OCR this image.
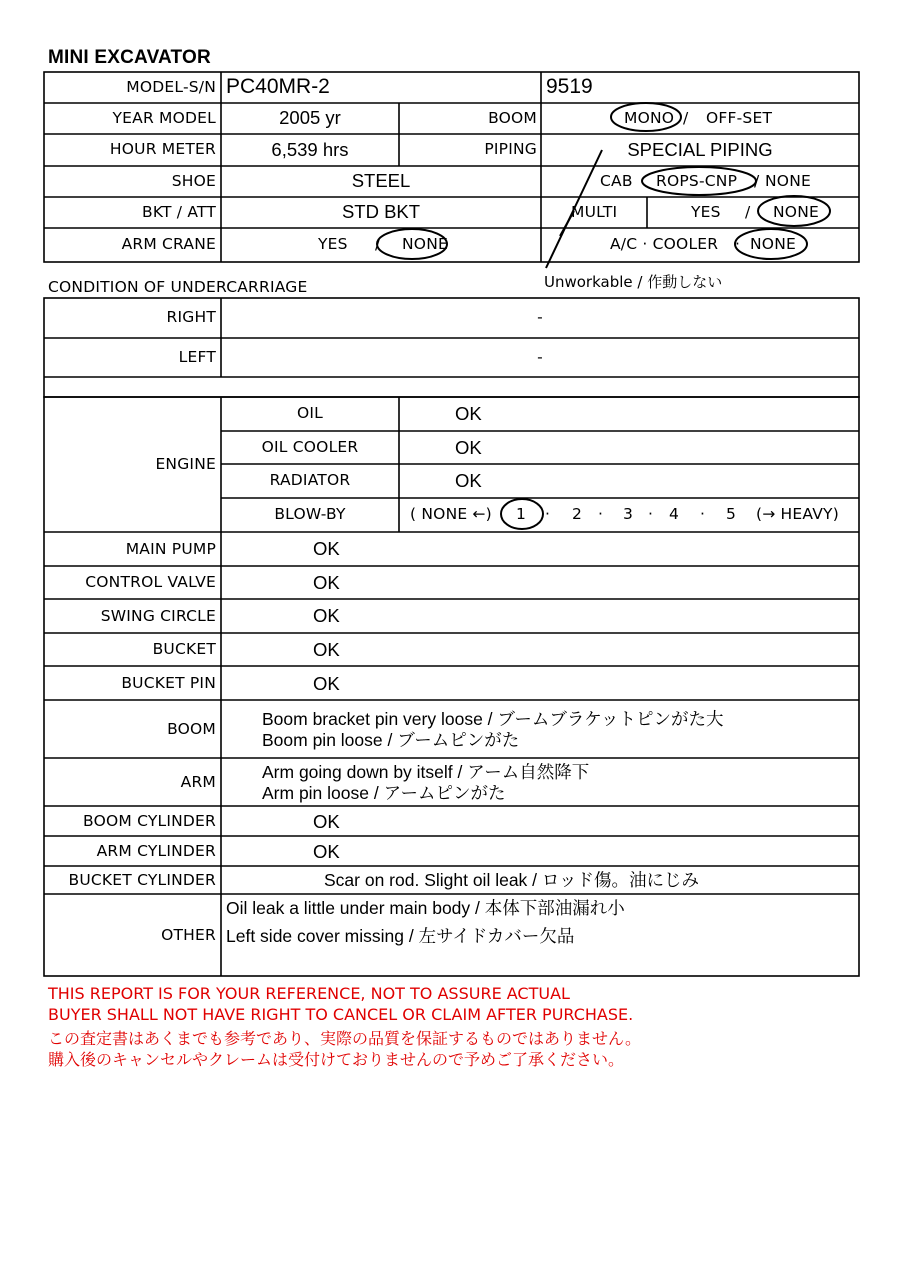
MINI EXCAVATOR
MODEL-S/N PC40MR-2	9519
YEAR MODEL	2005 yr	BOOM	MONO / OFF-SET
HOUR METER	6,539 hrs	PIPING	SPECIAL PIPING
SHOE	STEEL	CAB ROPS-CNP / NONE
BKT / ATT	STD BKT	MULTI	YES / NONE
ARM CRANE	YES / NONE	A/C · COOLER · NONE
Unworkable / 作動しない
CONDITION OF UNDERCARRIAGE
RIGHT	-
LEFT	-
ENGINE
OIL	OK
OIL COOLER	OK
RADIATOR	OK
BLOW-BY	( NONE ←) 1 · 2 · 3 · 4 · 5 (→ HEAVY)
MAIN PUMP	OK
CONTROL VALVE	OK
SWING CIRCLE	OK
BUCKET	OK
BUCKET PIN	OK
BOOM	Boom bracket pin very loose / ブームブラケットピンがた大
Boom pin loose / ブームピンがた
ARM	Arm going down by itself / アーム自然降下
Arm pin loose / アームピンがた
BOOM CYLINDER	OK
ARM CYLINDER	OK
BUCKET CYLINDER	Scar on rod. Slight oil leak / ロッド傷。油にじみ
OTHER
Oil leak a little under main body / 本体下部油漏れ小
Left side cover missing / 左サイドカバー欠品
THIS REPORT IS FOR YOUR REFERENCE, NOT TO ASSURE ACTUAL
BUYER SHALL NOT HAVE RIGHT TO CANCEL OR CLAIM AFTER PURCHASE.
この査定書はあくまでも参考であり、実際の品質を保証するものではありません。
購入後のキャンセルやクレームは受付けておりませんので予めご了承ください。
